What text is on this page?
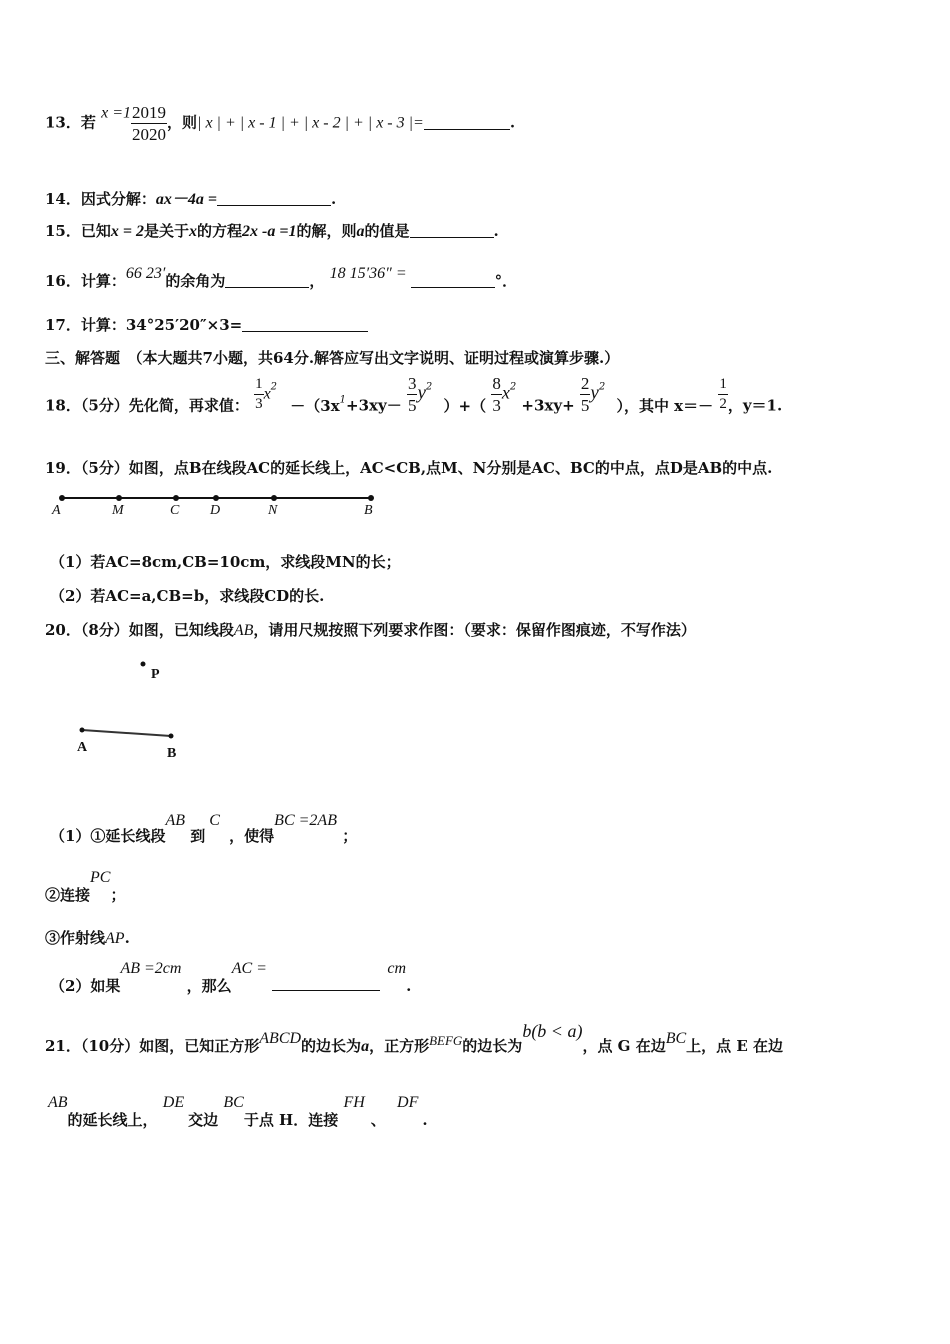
13．若 $x =1 \frac{2019}{2020}$ ，则| x | + | x - 1 | + | x - 2 | + | x - 3 |=	.
14．因式分解：ax－4a =	.
15．已知x = 2是关于x的方程2x -a =1的解，则a的值是	.
16．计算：66 23′的余角为	， 18 15′36″ =	°．
17．计算：34°25′20″×3=
三、解答题　（本大题共7小题，共64分.解答应写出文字说明、证明过程或演算步骤.）
18．（5分）先化简，再求值： $\frac{1}{3} x^2 -(3x_1+3xy- \frac{3}{5} y^2$ ）+（ $\frac{8}{3} x^2 +3xy+ \frac{2}{5} y^2$ ），其中 $x=- \frac{1}{2}$ ，y＝1.
19．（5分）如图，点B在线段AC的延长线上，AC<CB,点M、N分别是AC、BC的中点，点D是AB的中点.
A	M	C D	N	B
（1）若AC=8cm,CB=10cm，求线段MN的长；
（2）若AC=a,CB=b，求线段CD的长.
20．（8分）如图，已知线段AB，请用尺规按照下列要求作图：（要求：保留作图痕迹，不写作法）
P
A	B
（1）①延长线段AB 到C ，使得BC =2AB ；
②连接PC；
③作射线AP.
（2）如果AB =2cm ，那么AC =	cm.
21．（10分）如图，已知正方形ABCD的边长为a，正方形BEFG的边长为b(b < a)，点 G 在边BC上，点 E 在边
AB的延长线上， DE交边 BC于点 H．连接 FH、 DF.
